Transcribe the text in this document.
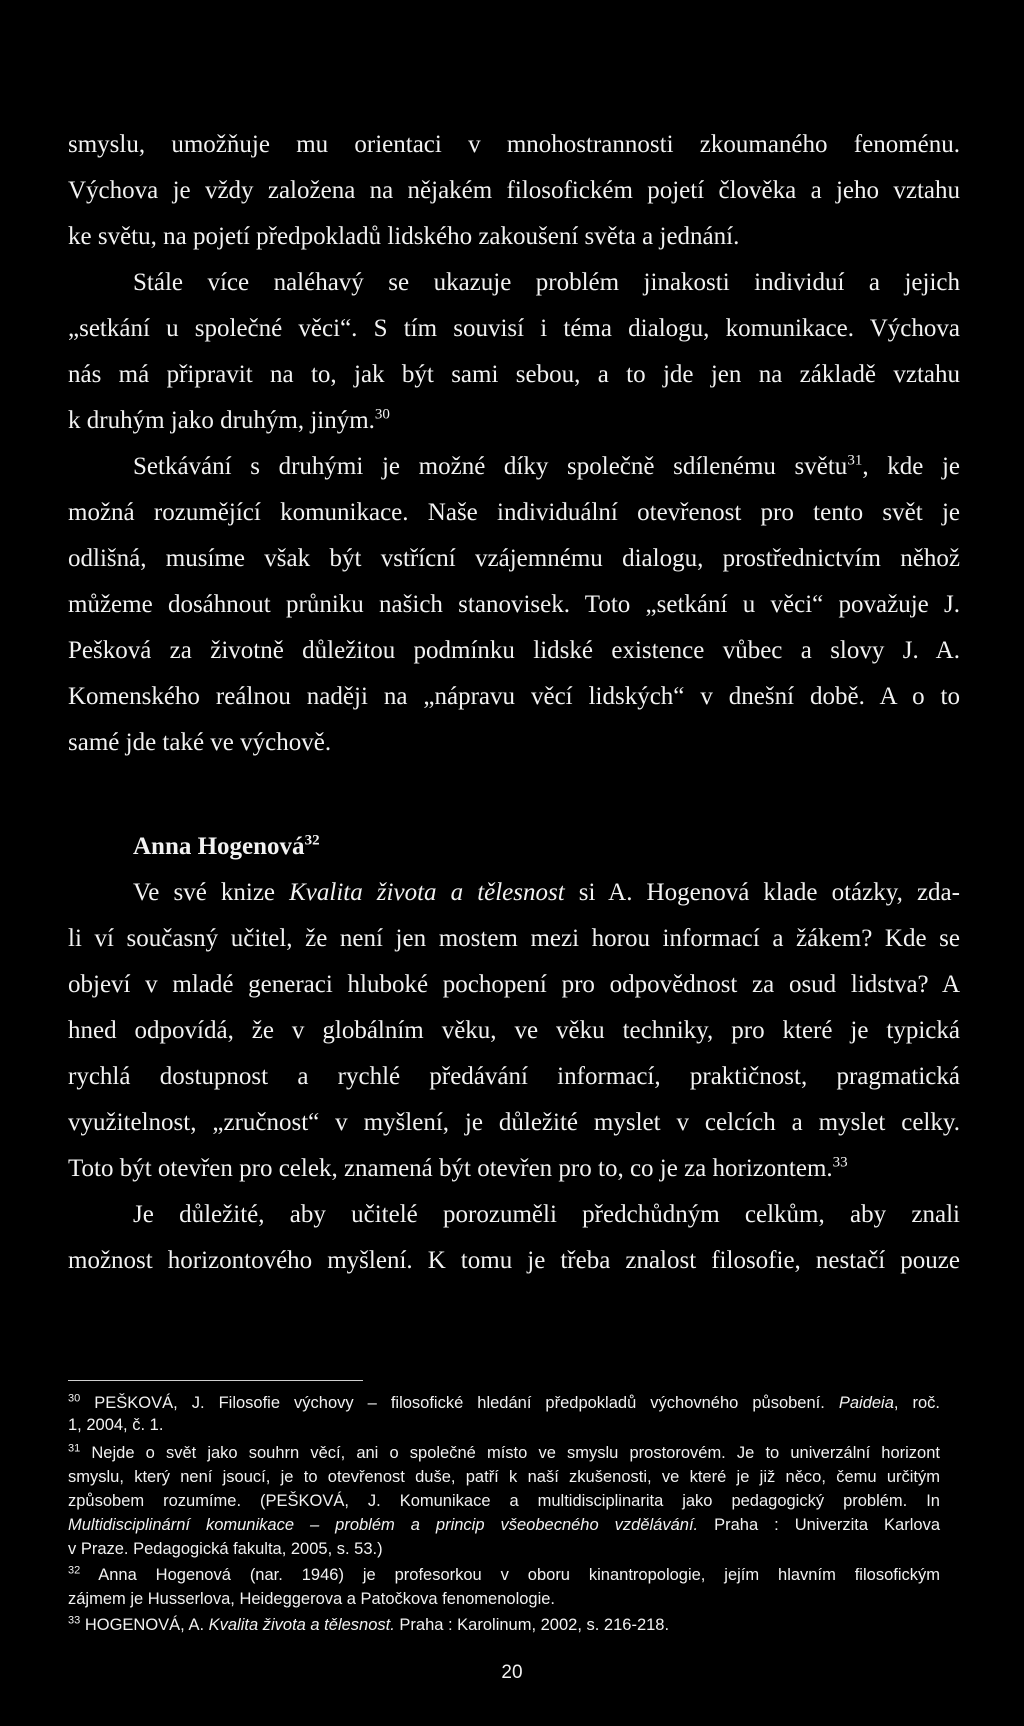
smyslu, umožňuje mu orientaci v mnohostrannosti zkoumaného fenoménu.
Výchova je vždy založena na nějakém filosofickém pojetí člověka a jeho vztahu
ke světu, na pojetí předpokladů lidského zakoušení světa a jednání.
Stále více naléhavý se ukazuje problém jinakosti individuí a jejich
„setkání u společné věci“. S tím souvisí i téma dialogu, komunikace. Výchova
nás má připravit na to, jak být sami sebou, a to jde jen na základě vztahu
k druhým jako druhým, jiným.$^{30}$
Setkávání s druhými je možné díky společně sdílenému světu$^{31}$, kde je
možná rozumějící komunikace. Naše individuální otevřenost pro tento svět je
odlišná, musíme však být vstřícní vzájemnému dialogu, prostřednictvím něhož
můžeme dosáhnout průniku našich stanovisek. Toto „setkání u věci“ považuje J.
Pešková za životně důležitou podmínku lidské existence vůbec a slovy J. A.
Komenského reálnou naději na „nápravu věcí lidských“ v dnešní době. A o to
samé jde také ve výchově.
Anna Hogenová$^{32}$
Ve své knize Kvalita života a tělesnost si A. Hogenová klade otázky, zda-
li ví současný učitel, že není jen mostem mezi horou informací a žákem? Kde se
objeví v mladé generaci hluboké pochopení pro odpovědnost za osud lidstva? A
hned odpovídá, že v globálním věku, ve věku techniky, pro které je typická
rychlá dostupnost a rychlé předávání informací, praktičnost, pragmatická
využitelnost, „zručnost“ v myšlení, je důležité myslet v celcích a myslet celky.
Toto být otevřen pro celek, znamená být otevřen pro to, co je za horizontem.$^{33}$
Je důležité, aby učitelé porozuměli předchůdným celkům, aby znali
možnost horizontového myšlení. K tomu je třeba znalost filosofie, nestačí pouze
$^{30}$ PEŠKOVÁ, J. Filosofie výchovy – filosofické hledání předpokladů výchovného působení. Paideia, roč.
1, 2004, č. 1.
$^{31}$ Nejde o svět jako souhrn věcí, ani o společné místo ve smyslu prostorovém. Je to univerzální horizont
smyslu, který není jsoucí, je to otevřenost duše, patří k naší zkušenosti, ve které je již něco, čemu určitým
způsobem rozumíme. (PEŠKOVÁ, J. Komunikace a multidisciplinarita jako pedagogický problém. In
Multidisciplinární komunikace – problém a princip všeobecného vzdělávání. Praha : Univerzita Karlova
v Praze. Pedagogická fakulta, 2005, s. 53.)
$^{32}$ Anna Hogenová (nar. 1946) je profesorkou v oboru kinantropologie, jejím hlavním filosofickým
zájmem je Husserlova, Heideggerova a Patočkova fenomenologie.
$^{33}$ HOGENOVÁ, A. Kvalita života a tělesnost. Praha : Karolinum, 2002, s. 216-218.
20
